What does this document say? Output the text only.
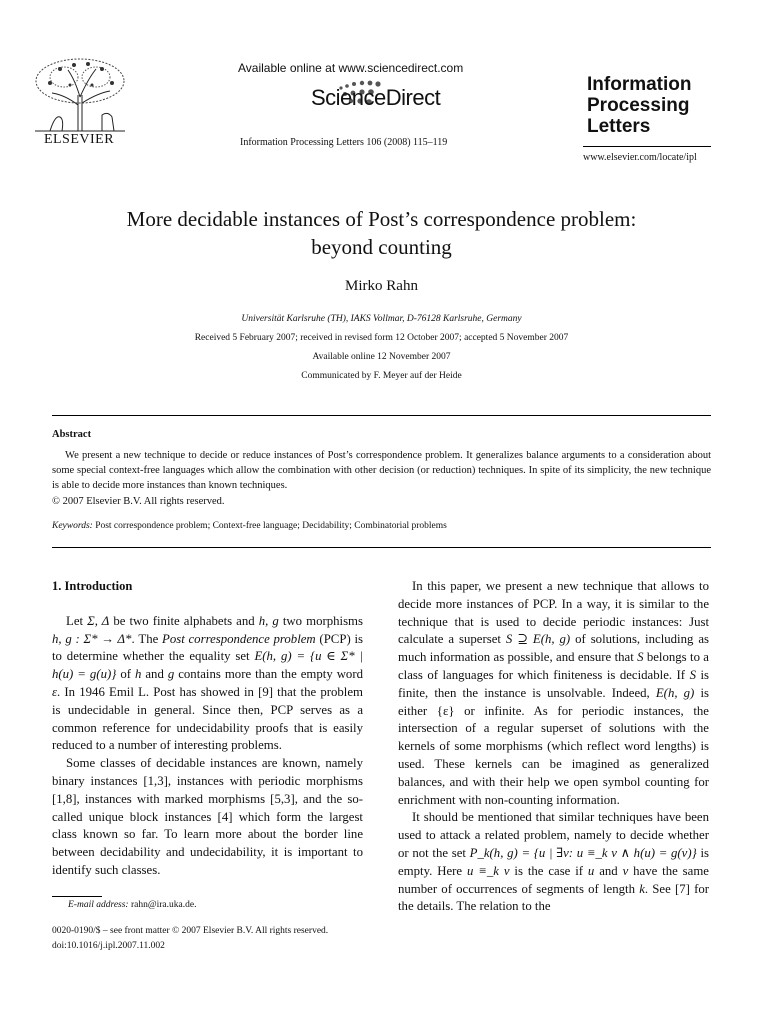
ELSEVIER
Available online at www.sciencedirect.com
ScienceDirect
Information Processing Letters 106 (2008) 115–119
Information
Processing
Letters
www.elsevier.com/locate/ipl
More decidable instances of Post’s correspondence problem:
beyond counting
Mirko Rahn
Universität Karlsruhe (TH), IAKS Vollmar, D-76128 Karlsruhe, Germany
Received 5 February 2007; received in revised form 12 October 2007; accepted 5 November 2007
Available online 12 November 2007
Communicated by F. Meyer auf der Heide
Abstract

We present a new technique to decide or reduce instances of Post’s correspondence problem. It generalizes balance arguments to a consideration about some special context-free languages which allow the combination with other decision (or reduction) techniques. In spite of its simplicity, the new technique is able to decide more instances than known techniques.

© 2007 Elsevier B.V. All rights reserved.
Keywords: Post correspondence problem; Context-free language; Decidability; Combinatorial problems

1. Introduction

Let Σ, Δ be two finite alphabets and h, g two morphisms h, g : Σ* → Δ*. The Post correspondence problem (PCP) is to determine whether the equality set E(h, g) = {u ∈ Σ* | h(u) = g(u)} of h and g contains more than the empty word ε. In 1946 Emil L. Post has showed in [9] that the problem is undecidable in general. Since then, PCP serves as a common reference for undecidability proofs that is easily reduced to a number of interesting problems.

Some classes of decidable instances are known, namely binary instances [1,3], instances with periodic morphisms [1,8], instances with marked morphisms [5,3], and the so-called unique block instances [4] which form the largest class known so far. To learn more about the border line between decidability and undecidability, it is important to identify such classes.

In this paper, we present a new technique that allows to decide more instances of PCP. In a way, it is similar to the technique that is used to decide periodic instances: Just calculate a superset S ⊇ E(h, g) of solutions, including as much information as possible, and ensure that S belongs to a class of languages for which finiteness is decidable. If S is finite, then the instance is unsolvable. Indeed, E(h, g) is either {ε} or infinite. As for periodic instances, the intersection of a regular superset of solutions with the kernels of some morphisms (which reflect word lengths) is used. These kernels can be imagined as generalized balances, and with their help we open symbol counting for enrichment with non-counting information.

It should be mentioned that similar techniques have been used to attack a related problem, namely to decide whether or not the set P_k(h, g) = {u | ∃v: u ≡_k v ∧ h(u) = g(v)} is empty. Here u ≡_k v is the case if u and v have the same number of occurrences of segments of length k. See [7] for the details. The relation to the

E-mail address: rahn@ira.uka.de.
0020-0190/$ – see front matter © 2007 Elsevier B.V. All rights reserved.
doi:10.1016/j.ipl.2007.11.002
